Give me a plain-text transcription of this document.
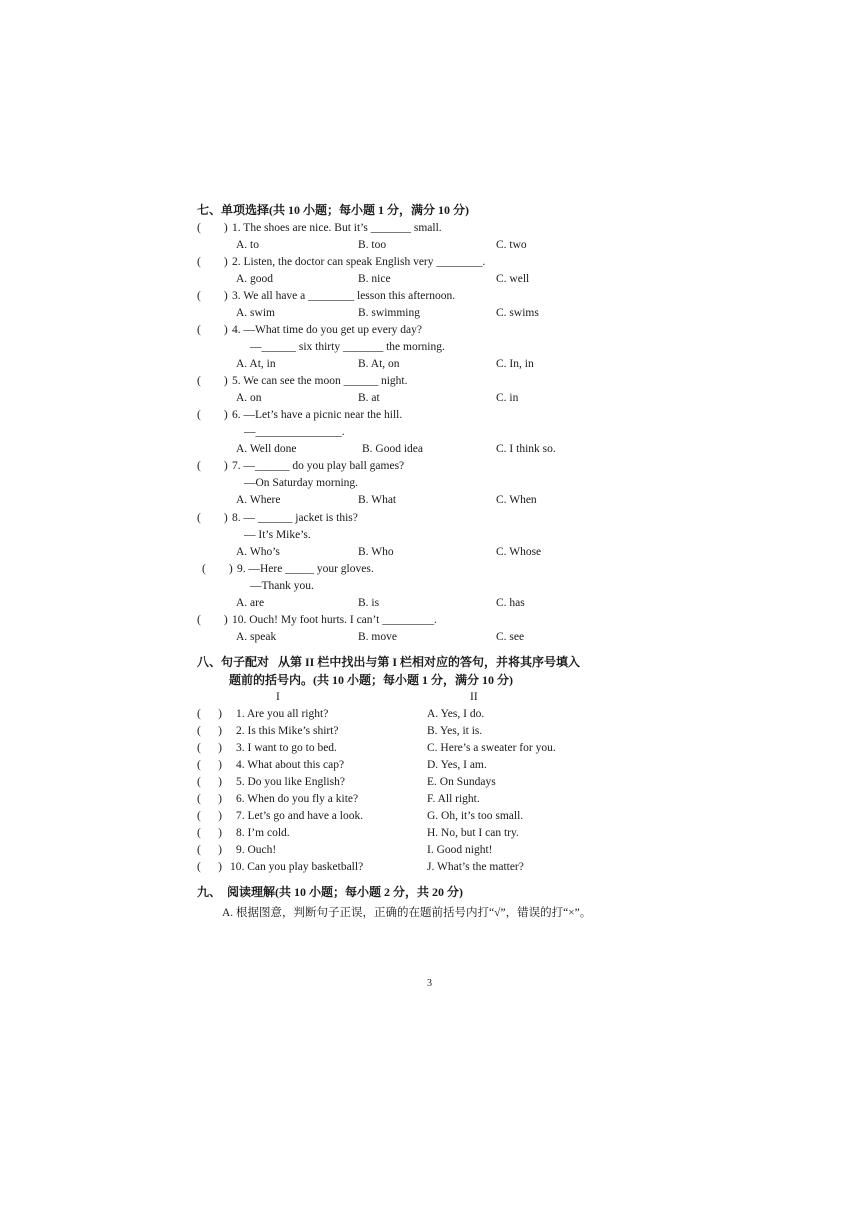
七、单项选择(共 10 小题；每小题 1 分，满分 10 分)
(        ) 1. The shoes are nice. But it’s _______ small.
A. to	B. too	C. two
(        ) 2. Listen, the doctor can speak English very ________.
A. good	B. nice	C. well
(        ) 3. We all have a ________ lesson this afternoon.
A. swim	B. swimming	C. swims
(        ) 4. —What time do you get up every day?
—______ six thirty _______ the morning.
A. At, in	B. At, on	C. In, in
(        ) 5. We can see the moon ______ night.
A. on	B. at	C. in
(        ) 6. —Let’s have a picnic near the hill.
—_______________.
A. Well done	B. Good idea	C. I think so.
(        ) 7. —______ do you play ball games?
—On Saturday morning.
A. Where	B. What	C. When
(        ) 8. — ______ jacket is this?
— It’s Mike’s.
A. Who’s	B. Who	C. Whose
(        ) 9. —Here _____ your gloves.
—Thank you.
A. are	B. is	C. has
(        ) 10. Ouch! My foot hurts. I can’t _________.
A. speak	B. move	C. see
八、句子配对   从第 II 栏中找出与第 I 栏相对应的答句，并将其序号填入
题前的括号内。(共 10 小题；每小题 1 分，满分 10 分)
I	II
(      ) 1. Are you all right?	A. Yes, I do.
(      ) 2. Is this Mike’s shirt?	B. Yes, it is.
(      ) 3. I want to go to bed.	C. Here’s a sweater for you.
(      ) 4. What about this cap?	D. Yes, I am.
(      ) 5. Do you like English?	E. On Sundays
(      ) 6. When do you fly a kite?	F. All right.
(      ) 7. Let’s go and have a look.	G. Oh, it’s too small.
(      ) 8. I’m cold.	H. No, but I can try.
(      ) 9. Ouch!	I. Good night!
(      ) 10. Can you play basketball?	J. What’s the matter?
九、  阅读理解(共 10 小题；每小题 2 分，共 20 分)
A. 根据图意，判断句子正误，正确的在题前括号内打“√”，错误的打“×”。
3
